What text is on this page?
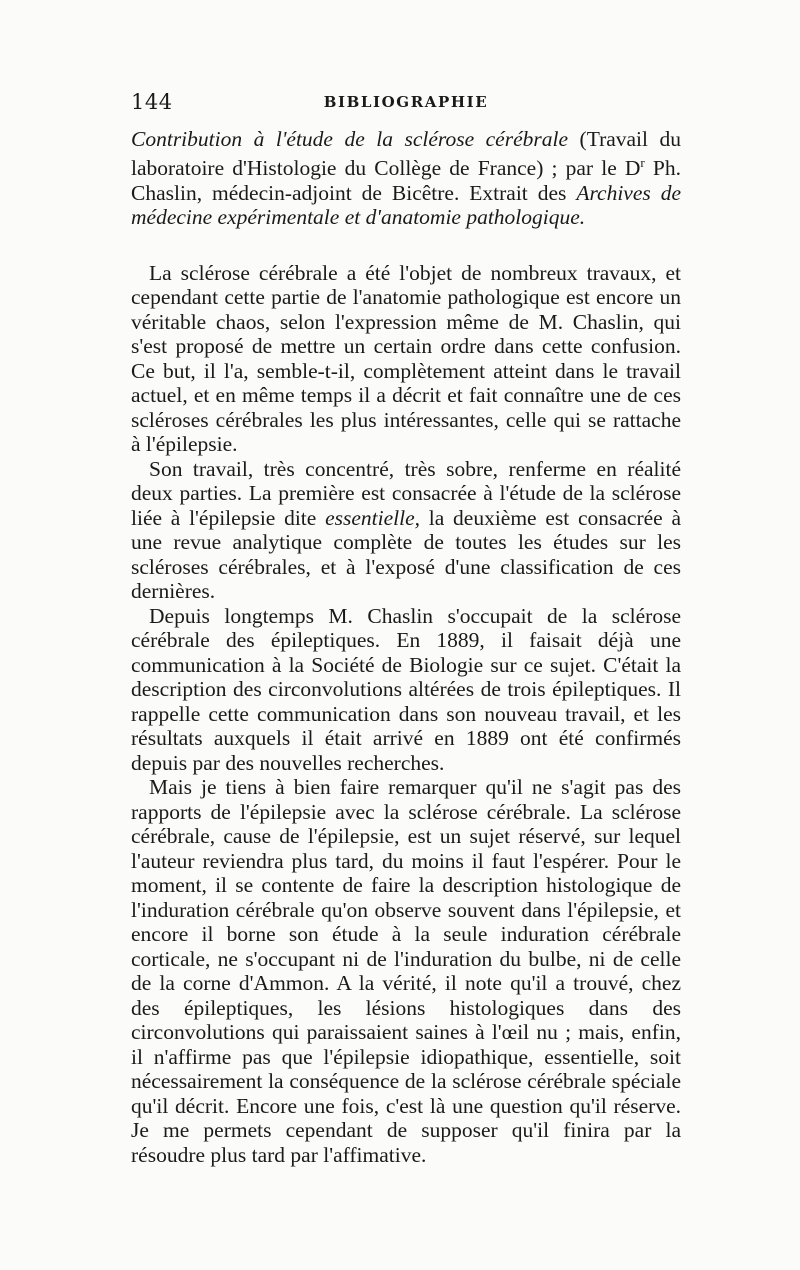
144	BIBLIOGRAPHIE

Contribution à l'étude de la sclérose cérébrale (Travail du laboratoire d'Histologie du Collège de France) ; par le $D^r$ Ph. Chaslin, médecin-adjoint de Bicêtre. Extrait des Archives de médecine expérimentale et d'anatomie pathologique.

La sclérose cérébrale a été l'objet de nombreux travaux, et cependant cette partie de l'anatomie pathologique est encore un véritable chaos, selon l'expression même de M. Chaslin, qui s'est proposé de mettre un certain ordre dans cette confusion. Ce but, il l'a, semble-t-il, complètement atteint dans le travail actuel, et en même temps il a décrit et fait connaître une de ces scléroses cérébrales les plus intéressantes, celle qui se rattache à l'épilepsie.

Son travail, très concentré, très sobre, renferme en réalité deux parties. La première est consacrée à l'étude de la sclérose liée à l'épilepsie dite essentielle, la deuxième est consacrée à une revue analytique complète de toutes les études sur les scléroses cérébrales, et à l'exposé d'une classification de ces dernières.

Depuis longtemps M. Chaslin s'occupait de la sclérose cérébrale des épileptiques. En 1889, il faisait déjà une communication à la Société de Biologie sur ce sujet. C'était la description des circonvolutions altérées de trois épileptiques. Il rappelle cette communication dans son nouveau travail, et les résultats auxquels il était arrivé en 1889 ont été confirmés depuis par des nouvelles recherches.

Mais je tiens à bien faire remarquer qu'il ne s'agit pas des rapports de l'épilepsie avec la sclérose cérébrale. La sclérose cérébrale, cause de l'épilepsie, est un sujet réservé, sur lequel l'auteur reviendra plus tard, du moins il faut l'espérer. Pour le moment, il se contente de faire la description histologique de l'induration cérébrale qu'on observe souvent dans l'épilepsie, et encore il borne son étude à la seule induration cérébrale corticale, ne s'occupant ni de l'induration du bulbe, ni de celle de la corne d'Ammon. A la vérité, il note qu'il a trouvé, chez des épileptiques, les lésions histologiques dans des circonvolutions qui paraissaient saines à l'œil nu ; mais, enfin, il n'affirme pas que l'épilepsie idiopathique, essentielle, soit nécessairement la conséquence de la sclérose cérébrale spéciale qu'il décrit. Encore une fois, c'est là une question qu'il réserve. Je me permets cependant de supposer qu'il finira par la résoudre plus tard par l'affimative.
